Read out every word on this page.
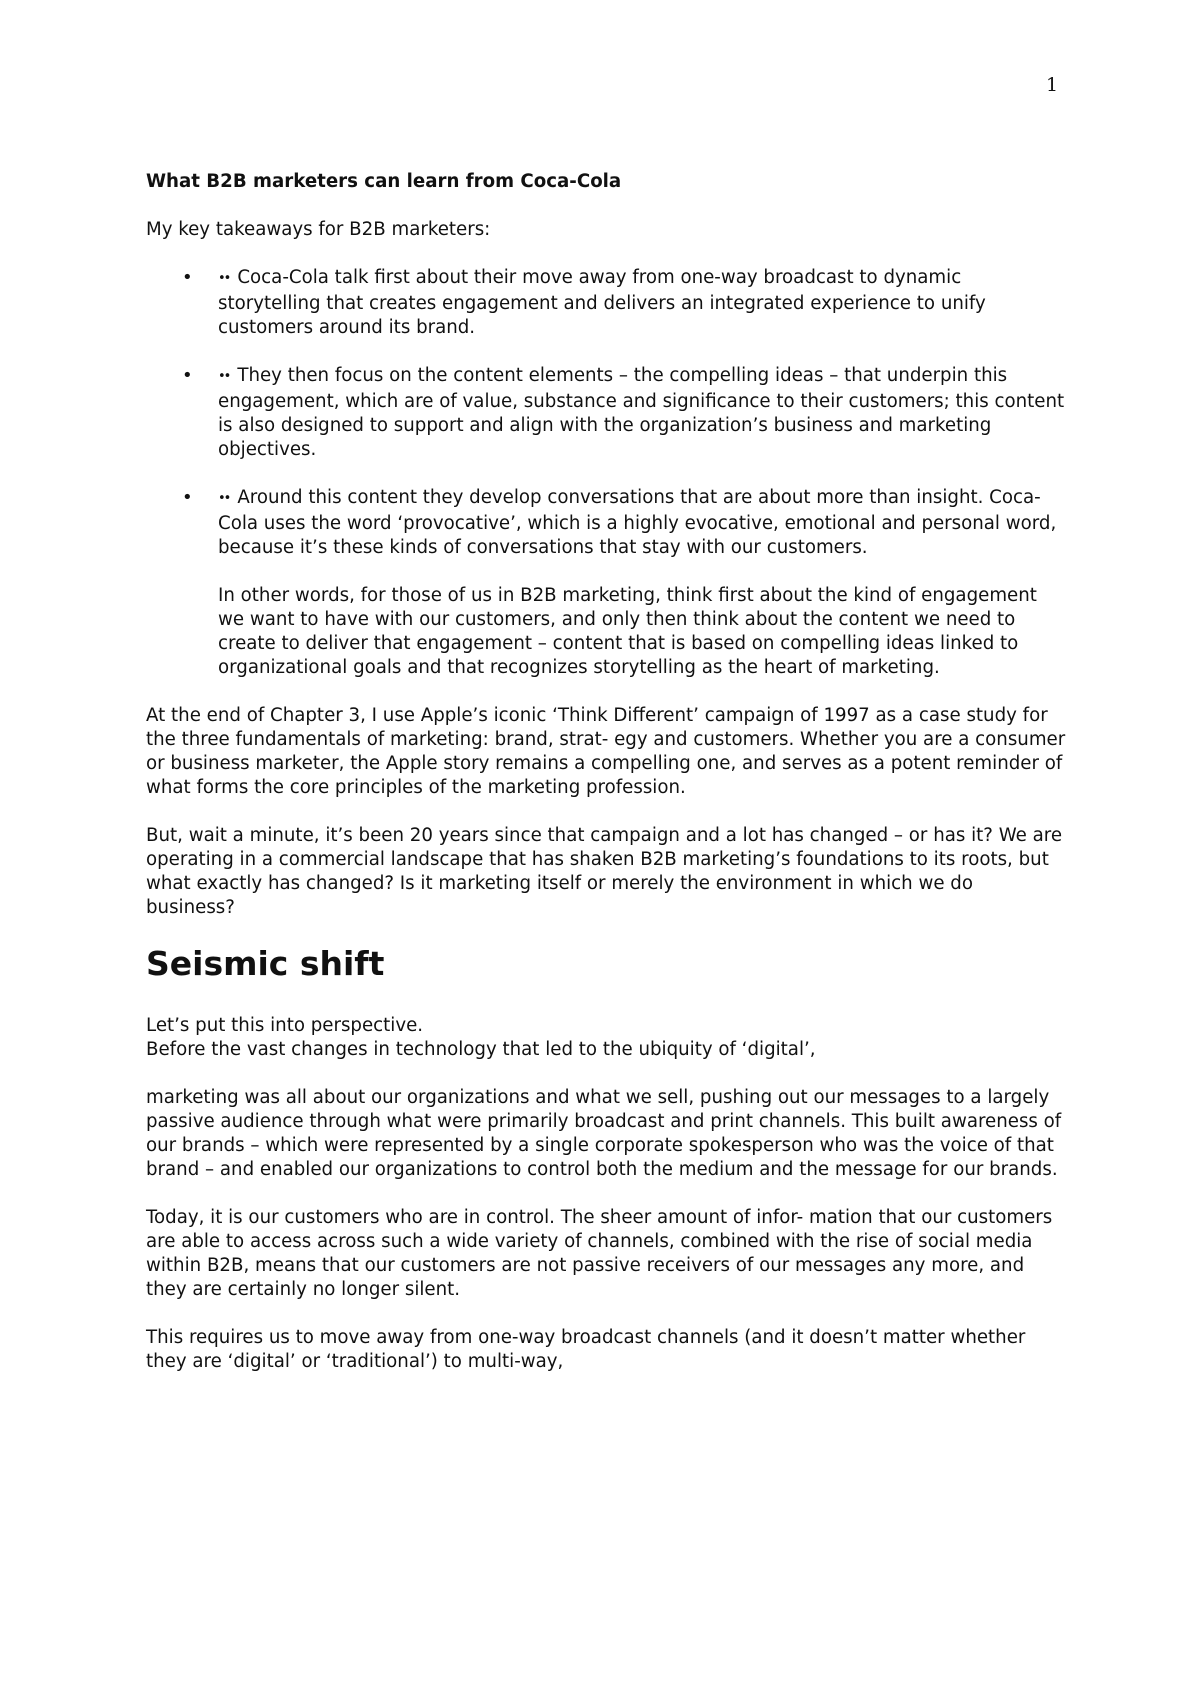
1
What B2B marketers can learn from Coca-Cola

My key takeaways for B2B marketers:

• •• Coca-Cola talk first about their move away from one-way broadcast to dynamic storytelling that creates engagement and delivers an integrated experience to unify customers around its brand.
• •• They then focus on the content elements – the compelling ideas – that underpin this engagement, which are of value, substance and significance to their customers; this content is also designed to support and align with the organization’s business and marketing objectives.
• •• Around this content they develop conversations that are about more than insight. Coca-Cola uses the word ‘provocative’, which is a highly evocative, emotional and personal word, because it’s these kinds of conversations that stay with our customers.

In other words, for those of us in B2B marketing, think first about the kind of engagement we want to have with our customers, and only then think about the content we need to create to deliver that engagement – content that is based on compelling ideas linked to organizational goals and that recognizes storytelling as the heart of marketing.

At the end of Chapter 3, I use Apple’s iconic ‘Think Different’ campaign of 1997 as a case study for the three fundamentals of marketing: brand, strat- egy and customers. Whether you are a consumer or business marketer, the Apple story remains a compelling one, and serves as a potent reminder of what forms the core principles of the marketing profession.

But, wait a minute, it’s been 20 years since that campaign and a lot has changed – or has it? We are operating in a commercial landscape that has shaken B2B marketing’s foundations to its roots, but what exactly has changed? Is it marketing itself or merely the environment in which we do business?

Seismic shift

Let’s put this into perspective.

Before the vast changes in technology that led to the ubiquity of ‘digital’,

marketing was all about our organizations and what we sell, pushing out our messages to a largely passive audience through what were primarily broadcast and print channels. This built awareness of our brands – which were represented by a single corporate spokesperson who was the voice of that brand – and enabled our organizations to control both the medium and the message for our brands.

Today, it is our customers who are in control. The sheer amount of infor- mation that our customers are able to access across such a wide variety of channels, combined with the rise of social media within B2B, means that our customers are not passive receivers of our messages any more, and they are certainly no longer silent.

This requires us to move away from one-way broadcast channels (and it doesn’t matter whether they are ‘digital’ or ‘traditional’) to multi-way,
